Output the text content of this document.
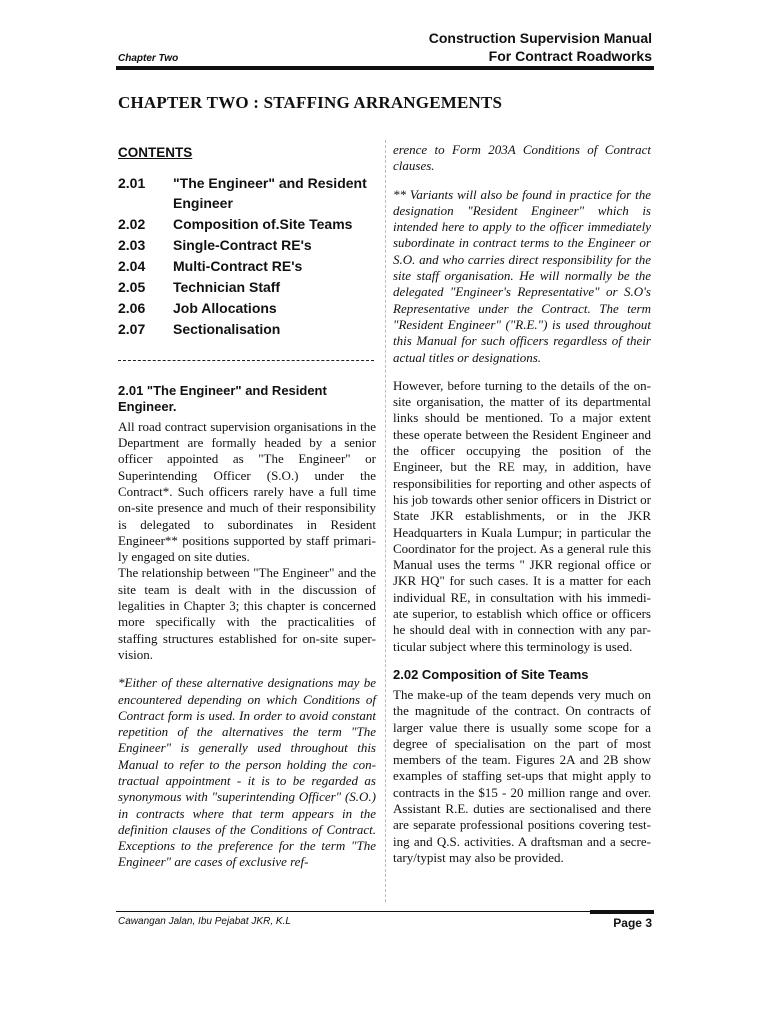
Chapter Two
Construction Supervision Manual
For Contract Roadworks
CHAPTER TWO : STAFFING ARRANGEMENTS
CONTENTS
2.01	"The Engineer" and Resident Engineer
2.02	Composition of.Site Teams
2.03	Single-Contract RE's
2.04	Multi-Contract RE's
2.05	Technician Staff
2.06	Job Allocations
2.07	Sectionalisation
2.01 "The Engineer" and Resident Engineer.

All road contract supervision organisations in the Department are formally headed by a senior officer appointed as "The Engineer" or Superintending Officer (S.O.) under the Contract*. Such officers rarely have a full time on-site presence and much of their responsibility is delegated to subordinates in Resident Engineer** positions supported by staff primarily engaged on site duties.

The relationship between "The Engineer" and the site team is dealt with in the discussion of legalities in Chapter 3; this chapter is concerned more specifically with the practicalities of staffing structures established for on-site supervision.

*Either of these alternative designations may be encountered depending on which Conditions of Contract form is used. In order to avoid constant repetition of the alternatives the term "The Engineer" is generally used throughout this Manual to refer to the person holding the contractual appointment - it is to be regarded as synonymous with "superintending Officer" (S.O.) in contracts where that term appears in the definition clauses of the Conditions of Contract. Exceptions to the preference for the term "The Engineer" are cases of exclusive ref-

erence to Form 203A Conditions of Contract clauses.

** Variants will also be found in practice for the designation "Resident Engineer" which is intended here to apply to the officer immediately subordinate in contract terms to the Engineer or S.O. and who carries direct responsibility for the site staff organisation. He will normally be the delegated "Engineer's Representative" or S.O's Representative under the Contract. The term "Resident Engineer" ("R.E.") is used throughout this Manual for such officers regardless of their actual titles or designations.

However, before turning to the details of the on-site organisation, the matter of its departmental links should be mentioned. To a major extent these operate between the Resident Engineer and the officer occupying the position of the Engineer, but the RE may, in addition, have responsibilities for reporting and other aspects of his job towards other senior officers in District or State JKR establishments, or in the JKR Headquarters in Kuala Lumpur; in particular the Coordinator for the project. As a general rule this Manual uses the terms " JKR regional office or JKR HQ" for such cases. It is a matter for each individual RE, in consultation with his immediate superior, to establish which office or officers he should deal with in connection with any particular subject where this terminology is used.

2.02 Composition of Site Teams

The make-up of the team depends very much on the magnitude of the contract. On contracts of larger value there is usually some scope for a degree of specialisation on the part of most members of the team. Figures 2A and 2B show examples of staffing set-ups that might apply to contracts in the $15 - 20 million range and over. Assistant R.E. duties are sectionalised and there are separate professional positions covering testing and Q.S. activities. A draftsman and a secretary/typist may also be provided.

Cawangan Jalan, Ibu Pejabat JKR, K.L	Page 3
